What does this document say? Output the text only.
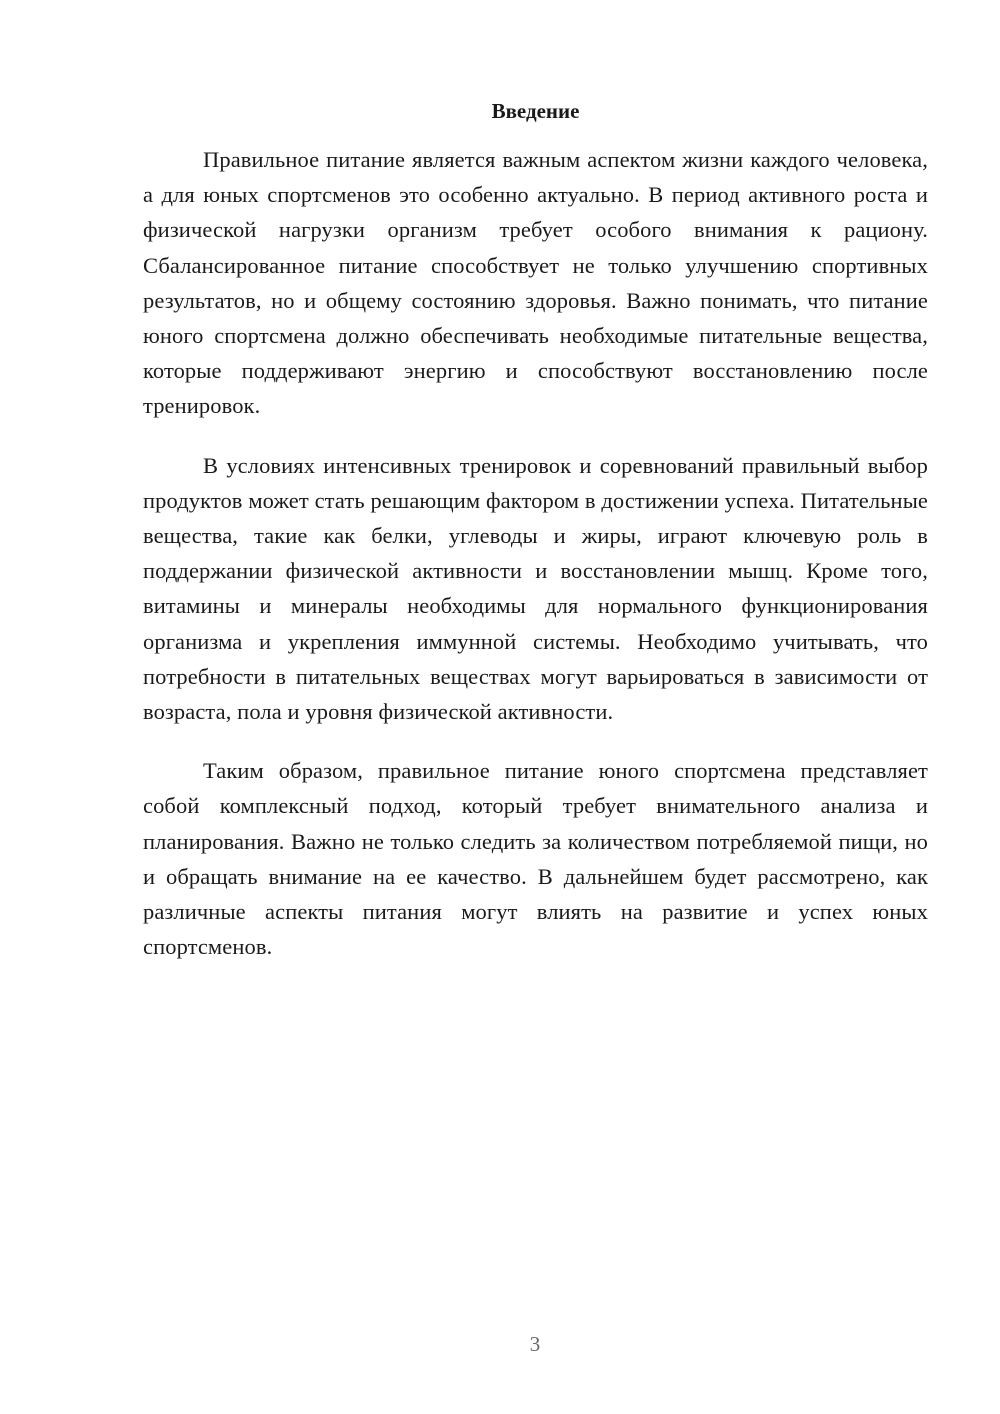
Введение

Правильное питание является важным аспектом жизни каждого человека, а для юных спортсменов это особенно актуально. В период активного роста и физической нагрузки организм требует особого внимания к рациону. Сбалансированное питание способствует не только улучшению спортивных результатов, но и общему состоянию здоровья. Важно понимать, что питание юного спортсмена должно обеспечивать необходимые питательные вещества, которые поддерживают энергию и способствуют восстановлению после тренировок.

В условиях интенсивных тренировок и соревнований правильный выбор продуктов может стать решающим фактором в достижении успеха. Питательные вещества, такие как белки, углеводы и жиры, играют ключевую роль в поддержании физической активности и восстановлении мышц. Кроме того, витамины и минералы необходимы для нормального функционирования организма и укрепления иммунной системы. Необходимо учитывать, что потребности в питательных веществах могут варьироваться в зависимости от возраста, пола и уровня физической активности.

Таким образом, правильное питание юного спортсмена представляет собой комплексный подход, который требует внимательного анализа и планирования. Важно не только следить за количеством потребляемой пищи, но и обращать внимание на ее качество. В дальнейшем будет рассмотрено, как различные аспекты питания могут влиять на развитие и успех юных спортсменов.

3
